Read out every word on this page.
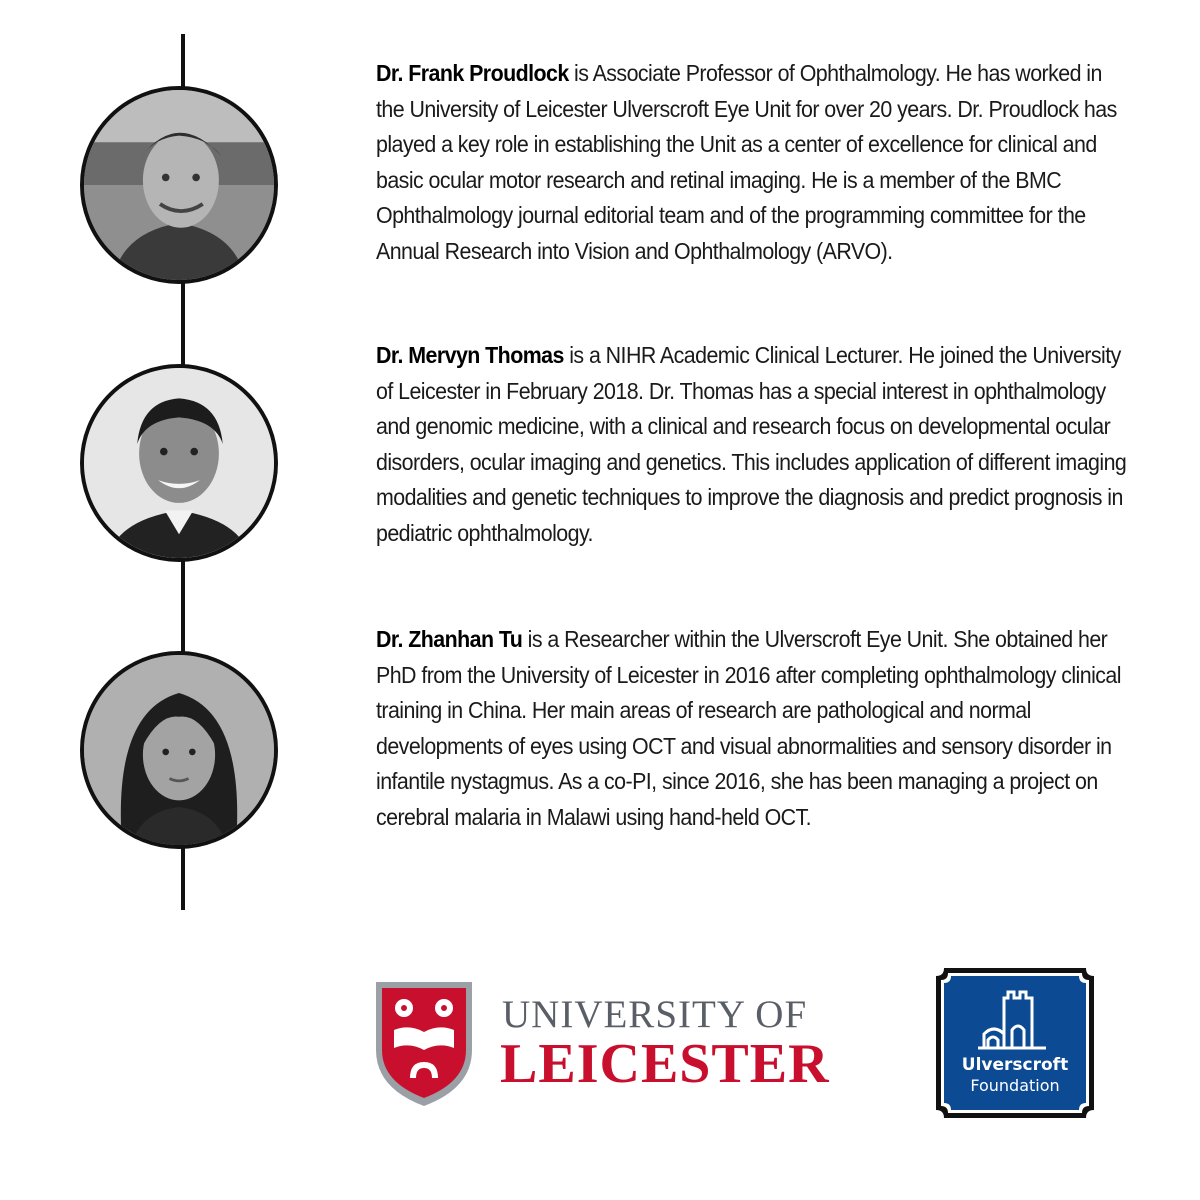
Dr. Frank Proudlock is Associate Professor of Ophthalmology. He has worked in the University of Leicester Ulverscroft Eye Unit for over 20 years. Dr. Proudlock has played a key role in establishing the Unit as a center of excellence for clinical and basic ocular motor research and retinal imaging. He is a member of the BMC Ophthalmology journal editorial team and of the programming committee for the Annual Research into Vision and Ophthalmology (ARVO).

Dr. Mervyn Thomas is a NIHR Academic Clinical Lecturer. He joined the University of Leicester in February 2018. Dr. Thomas has a special interest in ophthalmology and genomic medicine, with a clinical and research focus on developmental ocular disorders, ocular imaging and genetics. This includes application of different imaging modalities and genetic techniques to improve the diagnosis and predict prognosis in pediatric ophthalmology.

Dr. Zhanhan Tu is a Researcher within the Ulverscroft Eye Unit. She obtained her PhD from the University of Leicester in 2016 after completing ophthalmology clinical training in China. Her main areas of research are pathological and normal developments of eyes using OCT and visual abnormalities and sensory disorder in infantile nystagmus. As a co-PI, since 2016, she has been managing a project on cerebral malaria in Malawi using hand-held OCT.

UNIVERSITY OF
LEICESTER	Ulverscroft
Foundation
